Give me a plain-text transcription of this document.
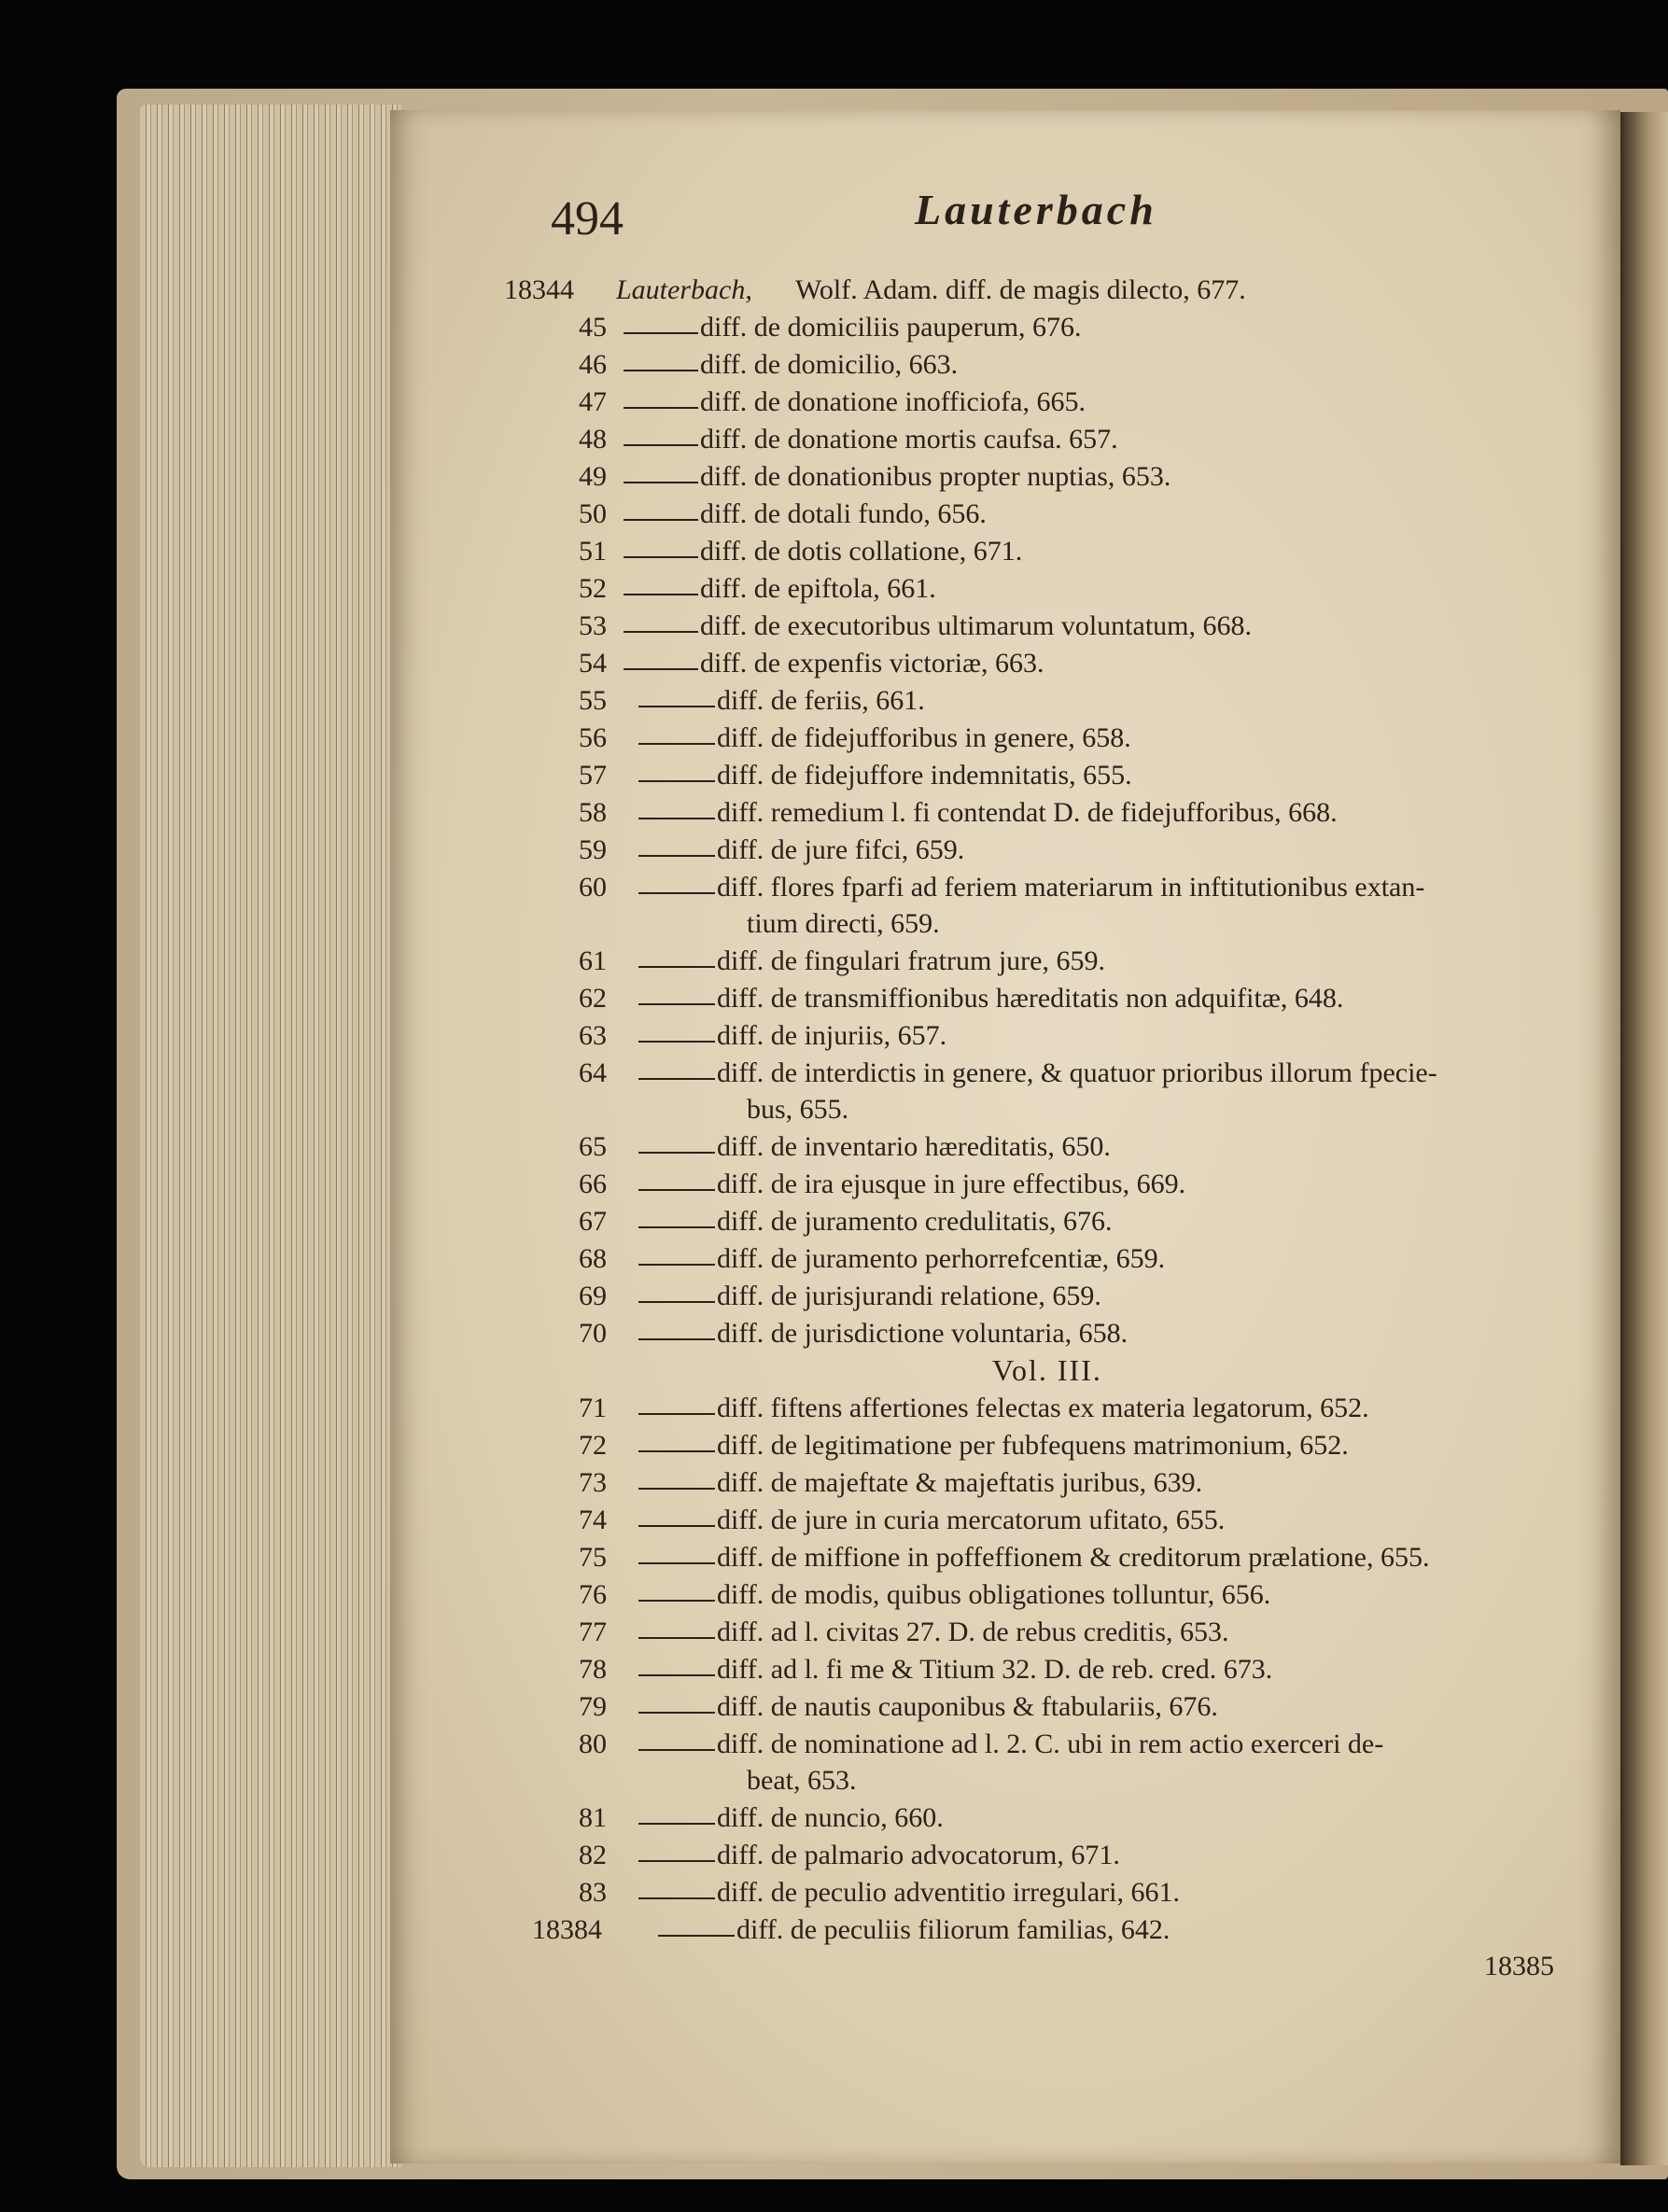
494	Lauterbach
18344 Lauterbach, Wolf. Adam. diff. de magis dilecto, 677.
45	diff. de domiciliis pauperum, 676.
46	diff. de domicilio, 663.
47	diff. de donatione inofficiofa, 665.
48	diff. de donatione mortis caufsa. 657.
49	diff. de donationibus propter nuptias, 653.
50	diff. de dotali fundo, 656.
51	diff. de dotis collatione, 671.
52	diff. de epiftola, 661.
53	diff. de executoribus ultimarum voluntatum, 668.
54	diff. de expenfis victoriæ, 663.
55	diff. de feriis, 661.
56	diff. de fidejufforibus in genere, 658.
57	diff. de fidejuffore indemnitatis, 655.
58	diff. remedium l. fi contendat D. de fidejufforibus, 668.
59	diff. de jure fifci, 659.
60	diff. flores fparfi ad feriem materiarum in inftitutionibus extan-
tium directi, 659.
61	diff. de fingulari fratrum jure, 659.
62	diff. de transmiffionibus hæreditatis non adquifitæ, 648.
63	diff. de injuriis, 657.
64	diff. de interdictis in genere, & quatuor prioribus illorum fpecie-
bus, 655.
65	diff. de inventario hæreditatis, 650.
66	diff. de ira ejusque in jure effectibus, 669.
67	diff. de juramento credulitatis, 676.
68	diff. de juramento perhorrefcentiæ, 659.
69	diff. de jurisjurandi relatione, 659.
70	diff. de jurisdictione voluntaria, 658.
71	diff. fiftens affertiones felectas ex materia legatorum, 652.
72	diff. de legitimatione per fubfequens matrimonium, 652.
73	diff. de majeftate & majeftatis juribus, 639.
74	diff. de jure in curia mercatorum ufitato, 655.
75	diff. de miffione in poffeffionem & creditorum prælatione, 655.
76	diff. de modis, quibus obligationes tolluntur, 656.
77	diff. ad l. civitas 27. D. de rebus creditis, 653.
78	diff. ad l. fi me & Titium 32. D. de reb. cred. 673.
79	diff. de nautis cauponibus & ftabulariis, 676.
80	diff. de nominatione ad l. 2. C. ubi in rem actio exerceri de-
beat, 653.
81	diff. de nuncio, 660.
82	diff. de palmario advocatorum, 671.
83	diff. de peculio adventitio irregulari, 661.
18384	diff. de peculiis filiorum familias, 642.
Vol. III.
18385
